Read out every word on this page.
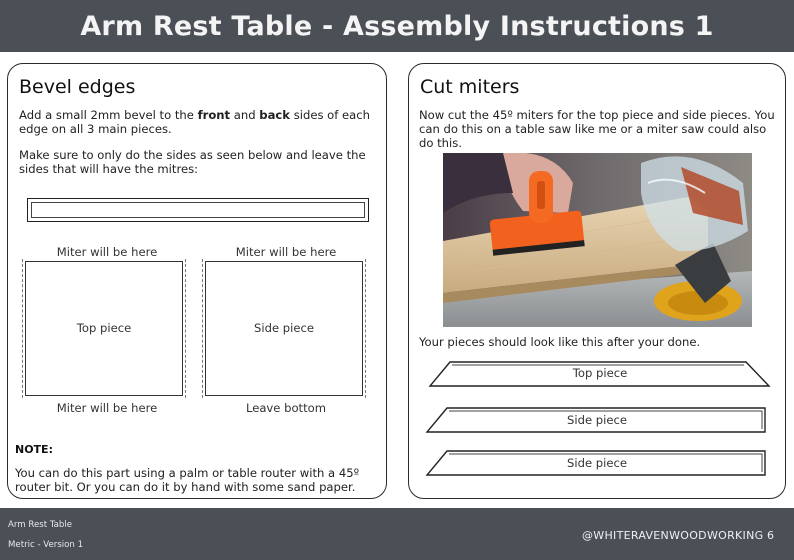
Arm Rest Table - Assembly Instructions 1
Bevel edges

Add a small 2mm bevel to the front and back sides of each edge on all 3 main pieces.

Make sure to only do the sides as seen below and leave the sides that will have the mitres:

Miter will be here	Miter will be here
Top piece	Side piece
Miter will be here	Leave bottom
NOTE:

You can do this part using a palm or table router with a 45º router bit. Or you can do it by hand with some sand paper.

Cut miters

Now cut the 45º miters for the top piece and side pieces. You can do this on a table saw like me or a miter saw could also do this.

Your pieces should look like this after your done.

Top piece
Side piece
Side piece
Arm Rest Table
Metric - Version 1
@WHITERAVENWOODWORKING 6
